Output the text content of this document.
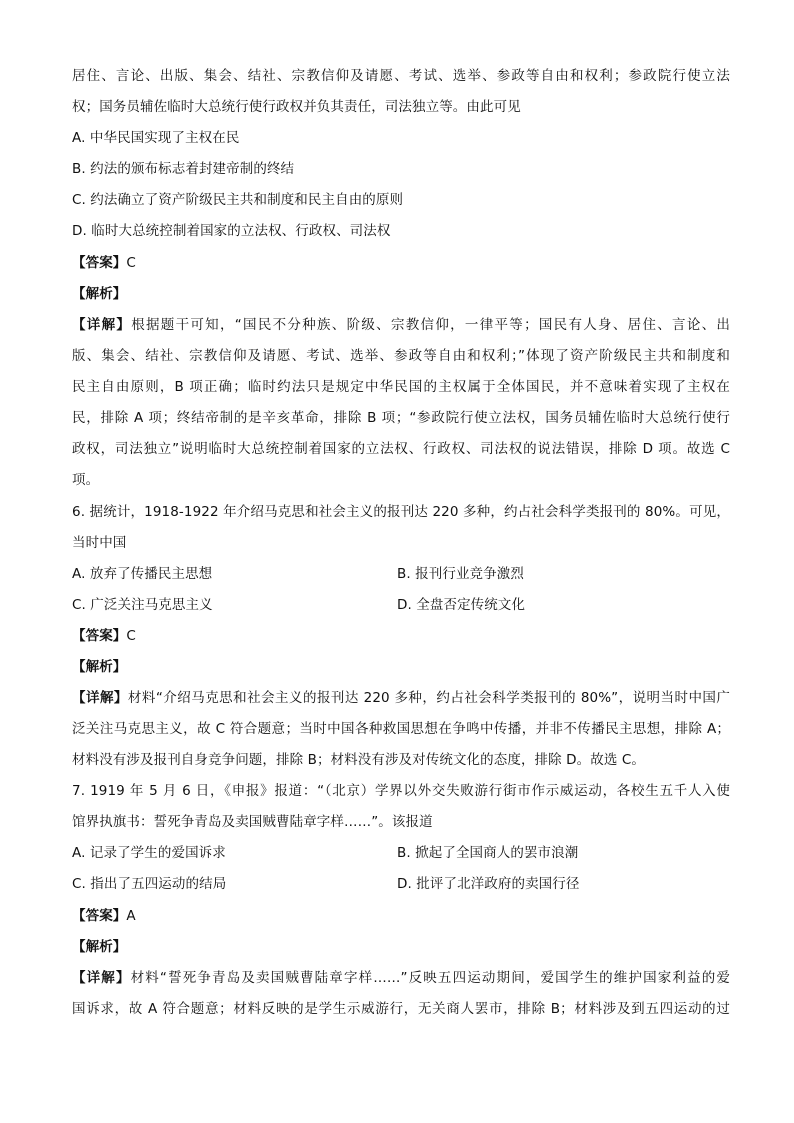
居住、言论、出版、集会、结社、宗教信仰及请愿、考试、选举、参政等自由和权利；参政院行使立法
权；国务员辅佐临时大总统行使行政权并负其责任，司法独立等。由此可见
A. 中华民国实现了主权在民
B. 约法的颁布标志着封建帝制的终结
C. 约法确立了资产阶级民主共和制度和民主自由的原则
D. 临时大总统控制着国家的立法权、行政权、司法权
【答案】C
【解析】
【详解】根据题干可知，“国民不分种族、阶级、宗教信仰，一律平等；国民有人身、居住、言论、出
版、集会、结社、宗教信仰及请愿、考试、选举、参政等自由和权利；”体现了资产阶级民主共和制度和
民主自由原则，B 项正确；临时约法只是规定中华民国的主权属于全体国民，并不意味着实现了主权在
民，排除 A 项；终结帝制的是辛亥革命，排除 B 项；“参政院行使立法权，国务员辅佐临时大总统行使行
政权，司法独立”说明临时大总统控制着国家的立法权、行政权、司法权的说法错误，排除 D 项。故选 C
项。
6. 据统计，1918-1922 年介绍马克思和社会主义的报刊达 220 多种，约占社会科学类报刊的 80%。可见，
当时中国
A. 放弃了传播民主思想	B. 报刊行业竞争激烈
C. 广泛关注马克思主义	D. 全盘否定传统文化
【答案】C
【解析】
【详解】材料“介绍马克思和社会主义的报刊达 220 多种，约占社会科学类报刊的 80%”，说明当时中国广
泛关注马克思主义，故 C 符合题意；当时中国各种救国思想在争鸣中传播，并非不传播民主思想，排除 A；
材料没有涉及报刊自身竞争问题，排除 B；材料没有涉及对传统文化的态度，排除 D。故选 C。
7. 1919 年 5 月 6 日，《申报》报道：“（北京）学界以外交失败游行街市作示威运动，各校生五千人入使
馆界执旗书：誓死争青岛及卖国贼曹陆章字样……”。该报道
A. 记录了学生的爱国诉求	B. 掀起了全国商人的罢市浪潮
C. 指出了五四运动的结局	D. 批评了北洋政府的卖国行径
【答案】A
【解析】
【详解】材料“誓死争青岛及卖国贼曹陆章字样……”反映五四运动期间，爱国学生的维护国家利益的爱
国诉求，故 A 符合题意；材料反映的是学生示威游行，无关商人罢市，排除 B；材料涉及到五四运动的过
